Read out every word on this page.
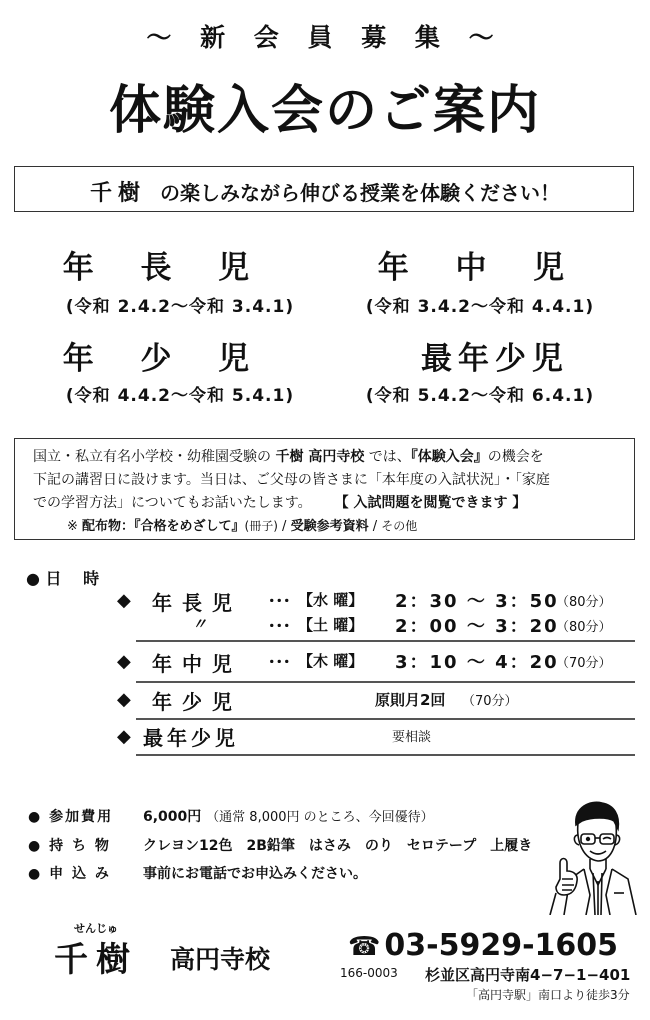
～ 新 会 員 募 集 ～
体験入会のご案内
千樹 の楽しみながら伸びる授業を体験ください！
年 長 児
(令和 2.4.2〜令和 3.4.1)
年 中 児
(令和 3.4.2〜令和 4.4.1)
年 少 児
(令和 4.4.2〜令和 5.4.1)
最年少児
(令和 5.4.2〜令和 6.4.1)
国立・私立有名小学校・幼稚園受験の 千樹 高円寺校 では、『体験入会』の機会を
下記の講習日に設けます。当日は、ご父母の皆さまに「本年度の入試状況」・「家庭
での学習方法」についてもお話いたします。 【 入試問題を閲覧できます 】
※ 配布物：『合格をめざして』(冊子) / 受験参考資料 / その他
● 日　 時
◆ 年長児 ･･･ 【水 曜】 2：30 ～ 3：50
（80分）
〃	･･･ 【土 曜】 2：00 ～ 3：20
（80分）
◆ 年中児 ･･･ 【木 曜】 3：10 ～ 4：20
（70分）
◆ 年少児	原則月2回 （70分）
◆ 最年少児	要相談
● 参加費用 6,000円 （通常 8,000円 のところ、今回優待）
● 持 ち 物 クレヨン12色　2B鉛筆　はさみ　のり　セロテープ　上履き
● 申 込 み 事前にお電話でお申込みください。
せんじゅ
千樹 高円寺校	☎ 03-5929-1605
166-0003 杉並区高円寺南4−7−1−401
「高円寺駅」南口より徒歩3分
